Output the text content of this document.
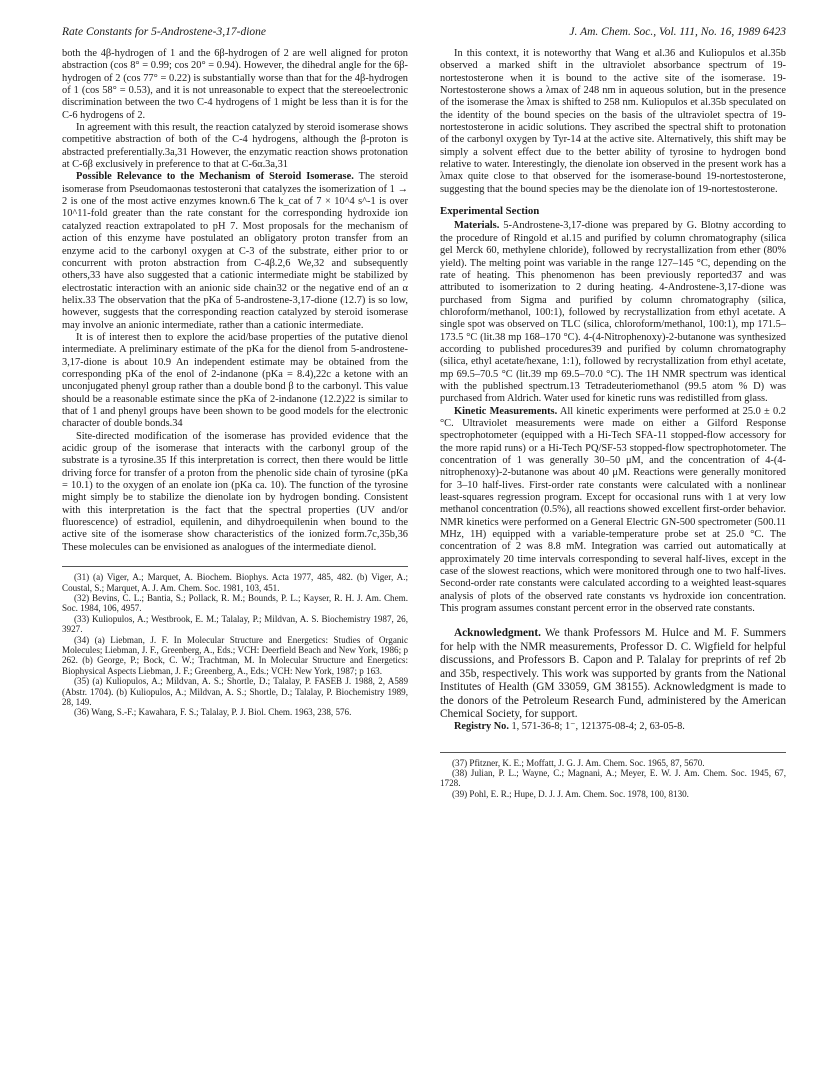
Rate Constants for 5-Androstene-3,17-dione	J. Am. Chem. Soc., Vol. 111, No. 16, 1989 6423

both the 4β-hydrogen of 1 and the 6β-hydrogen of 2 are well aligned for proton abstraction (cos 8° = 0.99; cos 20° = 0.94). However, the dihedral angle for the 6β-hydrogen of 2 (cos 77° = 0.22) is substantially worse than that for the 4β-hydrogen of 1 (cos 58° = 0.53), and it is not unreasonable to expect that the stereoelectronic discrimination between the two C-4 hydrogens of 1 might be less than it is for the C-6 hydrogens of 2.

In agreement with this result, the reaction catalyzed by steroid isomerase shows competitive abstraction of both of the C-4 hydrogens, although the β-proton is abstracted preferentially.3a,31 However, the enzymatic reaction shows protonation at C-6β exclusively in preference to that at C-6α.3a,31

Possible Relevance to the Mechanism of Steroid Isomerase. The steroid isomerase from Pseudomaonas testosteroni that catalyzes the isomerization of 1 → 2 is one of the most active enzymes known.6 The k_cat of 7 × 10^4 s^-1 is over 10^11-fold greater than the rate constant for the corresponding hydroxide ion catalyzed reaction extrapolated to pH 7. Most proposals for the mechanism of action of this enzyme have postulated an obligatory proton transfer from an enzyme acid to the carbonyl oxygen at C-3 of the substrate, either prior to or concurrent with proton abstraction from C-4β.2,6 We,32 and subsequently others,33 have also suggested that a cationic intermediate might be stabilized by electrostatic interaction with an anionic side chain32 or the negative end of an α helix.33 The observation that the pKa of 5-androstene-3,17-dione (12.7) is so low, however, suggests that the corresponding reaction catalyzed by steroid isomerase may involve an anionic intermediate, rather than a cationic intermediate.

It is of interest then to explore the acid/base properties of the putative dienol intermediate. A preliminary estimate of the pKa for the dienol from 5-androstene-3,17-dione is about 10.9 An independent estimate may be obtained from the corresponding pKa of the enol of 2-indanone (pKa = 8.4),22c a ketone with an unconjugated phenyl group rather than a double bond β to the carbonyl. This value should be a reasonable estimate since the pKa of 2-indanone (12.2)22 is similar to that of 1 and phenyl groups have been shown to be good models for the electronic character of double bonds.34

Site-directed modification of the isomerase has provided evidence that the acidic group of the isomerase that interacts with the carbonyl group of the substrate is a tyrosine.35 If this interpretation is correct, then there would be little driving force for transfer of a proton from the phenolic side chain of tyrosine (pKa = 10.1) to the oxygen of an enolate ion (pKa ca. 10). The function of the tyrosine might simply be to stabilize the dienolate ion by hydrogen bonding. Consistent with this interpretation is the fact that the spectral properties (UV and/or fluorescence) of estradiol, equilenin, and dihydroequilenin when bound to the active site of the isomerase show characteristics of the ionized form.7c,35b,36 These molecules can be envisioned as analogues of the intermediate dienol.

(31) (a) Viger, A.; Marquet, A. Biochem. Biophys. Acta 1977, 485, 482. (b) Viger, A.; Coustal, S.; Marquet, A. J. Am. Chem. Soc. 1981, 103, 451.

(32) Bevins, C. L.; Bantia, S.; Pollack, R. M.; Bounds, P. L.; Kayser, R. H. J. Am. Chem. Soc. 1984, 106, 4957.

(33) Kuliopulos, A.; Westbrook, E. M.; Talalay, P.; Mildvan, A. S. Biochemistry 1987, 26, 3927.

(34) (a) Liebman, J. F. In Molecular Structure and Energetics: Studies of Organic Molecules; Liebman, J. F., Greenberg, A., Eds.; VCH: Deerfield Beach and New York, 1986; p 262. (b) George, P.; Bock, C. W.; Trachtman, M. In Molecular Structure and Energetics: Biophysical Aspects Liebman, J. F.; Greenberg, A., Eds.; VCH: New York, 1987; p 163.

(35) (a) Kuliopulos, A.; Mildvan, A. S.; Shortle, D.; Talalay, P. FASEB J. 1988, 2, A589 (Abstr. 1704). (b) Kuliopulos, A.; Mildvan, A. S.; Shortle, D.; Talalay, P. Biochemistry 1989, 28, 149.

(36) Wang, S.-F.; Kawahara, F. S.; Talalay, P. J. Biol. Chem. 1963, 238, 576.

In this context, it is noteworthy that Wang et al.36 and Kuliopulos et al.35b observed a marked shift in the ultraviolet absorbance spectrum of 19-nortestosterone when it is bound to the active site of the isomerase. 19-Nortestosterone shows a λmax of 248 nm in aqueous solution, but in the presence of the isomerase the λmax is shifted to 258 nm. Kuliopulos et al.35b speculated on the identity of the bound species on the basis of the ultraviolet spectra of 19-nortestosterone in acidic solutions. They ascribed the spectral shift to protonation of the carbonyl oxygen by Tyr-14 at the active site. Alternatively, this shift may be simply a solvent effect due to the better ability of tyrosine to hydrogen bond relative to water. Interestingly, the dienolate ion observed in the present work has a λmax quite close to that observed for the isomerase-bound 19-nortestosterone, suggesting that the bound species may be the dienolate ion of 19-nortestosterone.

Experimental Section

Materials. 5-Androstene-3,17-dione was prepared by G. Blotny according to the procedure of Ringold et al.15 and purified by column chromatography (silica gel Merck 60, methylene chloride), followed by recrystallization from ether (80% yield). The melting point was variable in the range 127–145 °C, depending on the rate of heating. This phenomenon has been previously reported37 and was attributed to isomerization to 2 during heating. 4-Androstene-3,17-dione was purchased from Sigma and purified by column chromatography (silica, chloroform/methanol, 100:1), followed by recrystallization from ethyl acetate. A single spot was observed on TLC (silica, chloroform/methanol, 100:1), mp 171.5–173.5 °C (lit.38 mp 168–170 °C). 4-(4-Nitrophenoxy)-2-butanone was synthesized according to published procedures39 and purified by column chromatography (silica, ethyl acetate/hexane, 1:1), followed by recrystallization from ethyl acetate, mp 69.5–70.5 °C (lit.39 mp 69.5–70.0 °C). The 1H NMR spectrum was identical with the published spectrum.13 Tetradeuteriomethanol (99.5 atom % D) was purchased from Aldrich. Water used for kinetic runs was redistilled from glass.

Kinetic Measurements. All kinetic experiments were performed at 25.0 ± 0.2 °C. Ultraviolet measurements were made on either a Gilford Response spectrophotometer (equipped with a Hi-Tech SFA-11 stopped-flow accessory for the more rapid runs) or a Hi-Tech PQ/SF-53 stopped-flow spectrophotometer. The concentration of 1 was generally 30–50 μM, and the concentration of 4-(4-nitrophenoxy)-2-butanone was about 40 μM. Reactions were generally monitored for 3–10 half-lives. First-order rate constants were calculated with a nonlinear least-squares regression program. Except for occasional runs with 1 at very low methanol concentration (0.5%), all reactions showed excellent first-order behavior. NMR kinetics were performed on a General Electric GN-500 spectrometer (500.11 MHz, 1H) equipped with a variable-temperature probe set at 25.0 °C. The concentration of 2 was 8.8 mM. Integration was carried out automatically at approximately 20 time intervals corresponding to several half-lives, except in the case of the slowest reactions, which were monitored through one to two half-lives. Second-order rate constants were calculated according to a weighted least-squares analysis of plots of the observed rate constants vs hydroxide ion concentration. This program assumes constant percent error in the observed rate constants.

Acknowledgment. We thank Professors M. Hulce and M. F. Summers for help with the NMR measurements, Professor D. C. Wigfield for helpful discussions, and Professors B. Capon and P. Talalay for preprints of ref 2b and 35b, respectively. This work was supported by grants from the National Institutes of Health (GM 33059, GM 38155). Acknowledgment is made to the donors of the Petroleum Research Fund, administered by the American Chemical Society, for support.

Registry No. 1, 571-36-8; 1⁻, 121375-08-4; 2, 63-05-8.

(37) Pfitzner, K. E.; Moffatt, J. G. J. Am. Chem. Soc. 1965, 87, 5670.

(38) Julian, P. L.; Wayne, C.; Magnani, A.; Meyer, E. W. J. Am. Chem. Soc. 1945, 67, 1728.

(39) Pohl, E. R.; Hupe, D. J. J. Am. Chem. Soc. 1978, 100, 8130.
